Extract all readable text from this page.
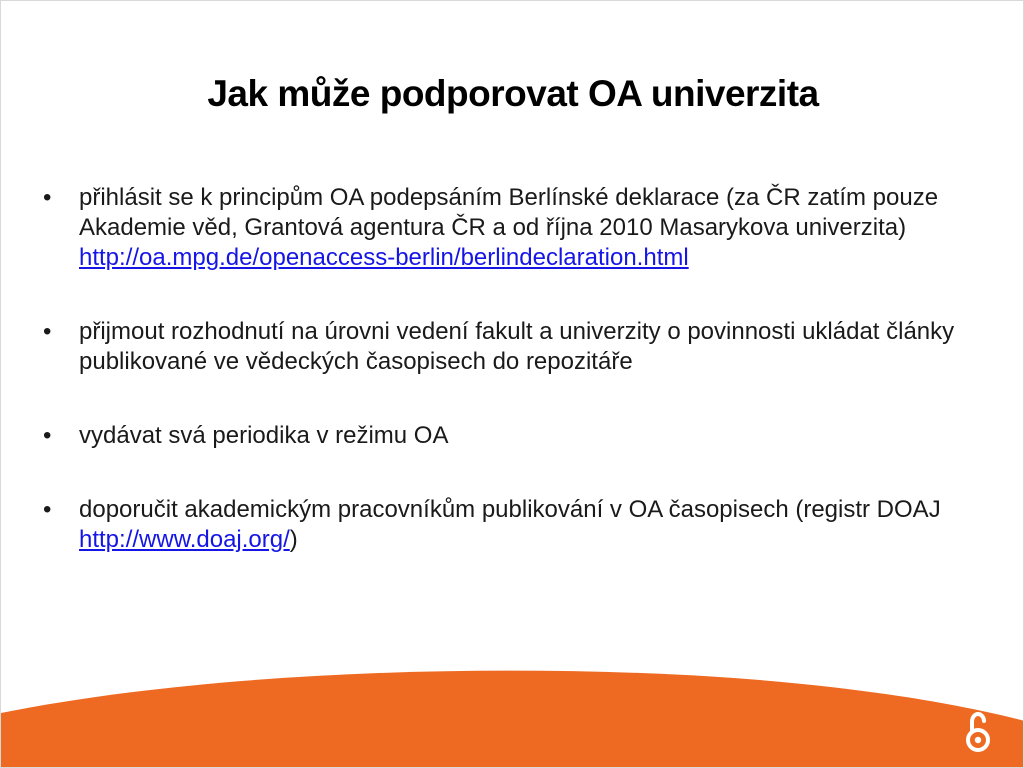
Jak může podporovat OA univerzita
• přihlásit se k principům OA podepsáním Berlínské deklarace (za ČR zatím pouze Akademie věd, Grantová agentura ČR a od října 2010 Masarykova univerzita) http://oa.mpg.de/openaccess-berlin/berlindeclaration.html
• přijmout rozhodnutí na úrovni vedení fakult a univerzity o povinnosti ukládat články publikované ve vědeckých časopisech do repozitáře
• vydávat svá periodika v režimu OA
• doporučit akademickým pracovníkům publikování v OA časopisech (registr DOAJ http://www.doaj.org/)
